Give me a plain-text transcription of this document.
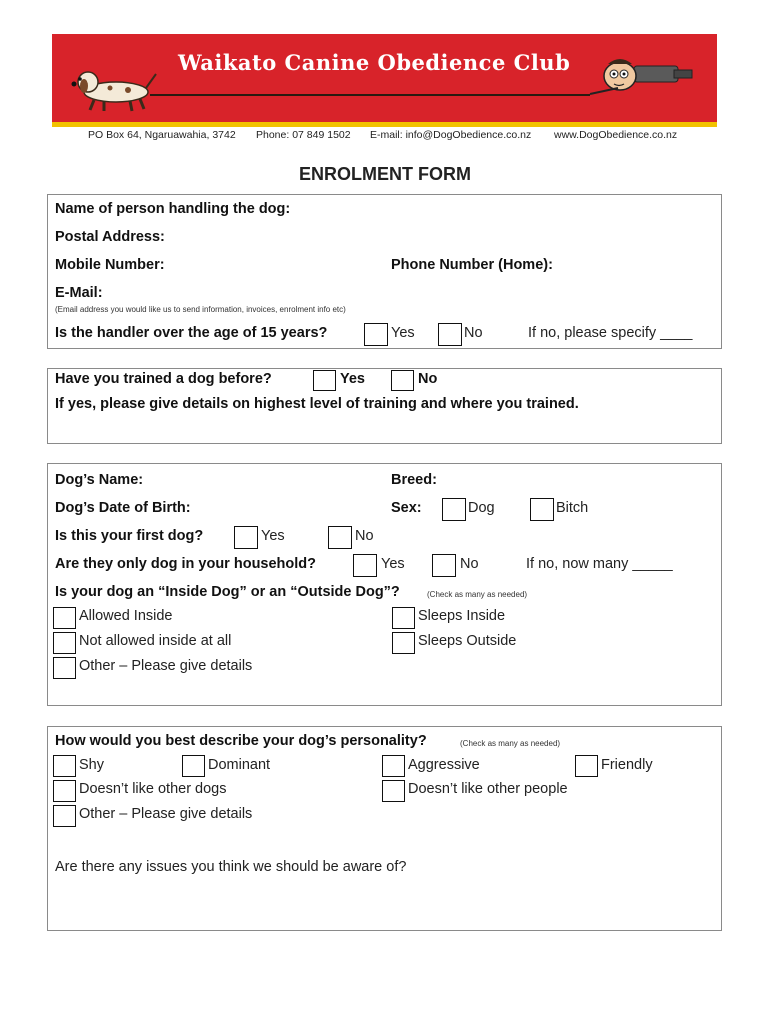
Waikato Canine Obedience Club
PO Box 64, Ngaruawahia, 3742 Phone: 07 849 1502 E-mail: info@DogObedience.co.nz www.DogObedience.co.nz
ENROLMENT FORM
Name of person handling the dog:
Postal Address:
Mobile Number:	Phone Number (Home):
E-Mail:
(Email address you would like us to send information, invoices, enrolment info etc)
Is the handler over the age of 15 years?	Yes	No	If no, please specify ____
Have you trained a dog before?	Yes	No
If yes, please give details on highest level of training and where you trained.
Dog’s Name:	Breed:
Dog’s Date of Birth:	Sex:	Dog	Bitch
Is this your first dog?	Yes	No
Are they only dog in your household?	Yes	No	If no, now many _____
Is your dog an “Inside Dog” or an “Outside Dog”?	(Check as many as needed)
Allowed Inside	Sleeps Inside
Not allowed inside at all	Sleeps Outside
Other – Please give details
How would you best describe your dog’s personality?	(Check as many as needed)
Shy	Dominant	Aggressive	Friendly
Doesn’t like other dogs	Doesn’t like other people
Other – Please give details
Are there any issues you think we should be aware of?
